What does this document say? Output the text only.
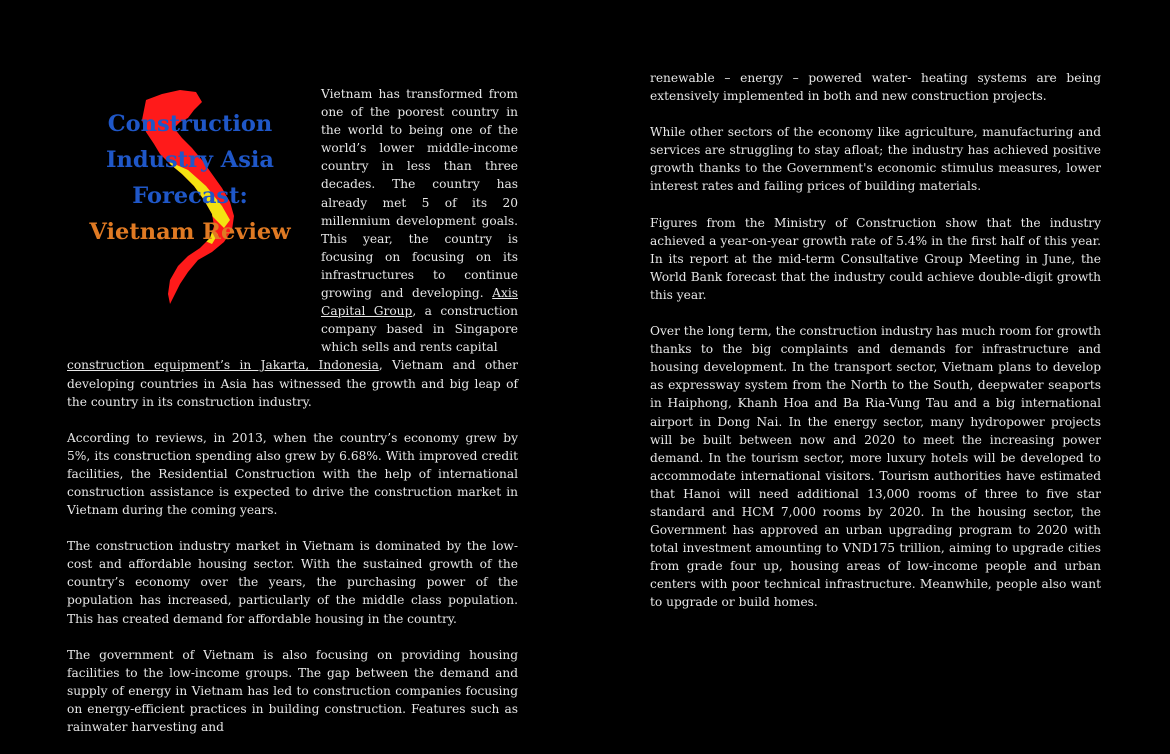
Construction
Industry Asia
Forecast:
Vietnam Review

Vietnam has transformed from one of the poorest country in the world to being one of the world’s lower middle-income country in less than three decades. The country has already met 5 of its 20 millennium development goals. This year, the country is focusing on focusing on its infrastructures to continue growing and developing. Axis Capital Group, a construction company based in Singapore which sells and rents capital

construction equipment’s in Jakarta, Indonesia, Vietnam and other developing countries in Asia has witnessed the growth and big leap of the country in its construction industry.

According to reviews, in 2013, when the country’s economy grew by 5%, its construction spending also grew by 6.68%. With improved credit facilities, the Residential Construction with the help of international construction assistance is expected to drive the construction market in Vietnam during the coming years.

The construction industry market in Vietnam is dominated by the low-cost and affordable housing sector. With the sustained growth of the country’s economy over the years, the purchasing power of the population has increased, particularly of the middle class population. This has created demand for affordable housing in the country.

The government of Vietnam is also focusing on providing housing facilities to the low-income groups. The gap between the demand and supply of energy in Vietnam has led to construction companies focusing on energy-efficient practices in building construction. Features such as rainwater harvesting and

renewable – energy – powered water- heating systems are being extensively implemented in both and new construction projects.

While other sectors of the economy like agriculture, manufacturing and services are struggling to stay afloat; the industry has achieved positive growth thanks to the Government's economic stimulus measures, lower interest rates and failing prices of building materials.

Figures from the Ministry of Construction show that the industry achieved a year-on-year growth rate of 5.4% in the first half of this year. In its report at the mid-term Consultative Group Meeting in June, the World Bank forecast that the industry could achieve double-digit growth this year.

Over the long term, the construction industry has much room for growth thanks to the big complaints and demands for infrastructure and housing development. In the transport sector, Vietnam plans to develop as expressway system from the North to the South, deepwater seaports in Haiphong, Khanh Hoa and Ba Ria-Vung Tau and a big international airport in Dong Nai. In the energy sector, many hydropower projects will be built between now and 2020 to meet the increasing power demand. In the tourism sector, more luxury hotels will be developed to accommodate international visitors. Tourism authorities have estimated that Hanoi will need additional 13,000 rooms of three to five star standard and HCM 7,000 rooms by 2020. In the housing sector, the Government has approved an urban upgrading program to 2020 with total investment amounting to VND175 trillion, aiming to upgrade cities from grade four up, housing areas of low-income people and urban centers with poor technical infrastructure. Meanwhile, people also want to upgrade or build homes.
